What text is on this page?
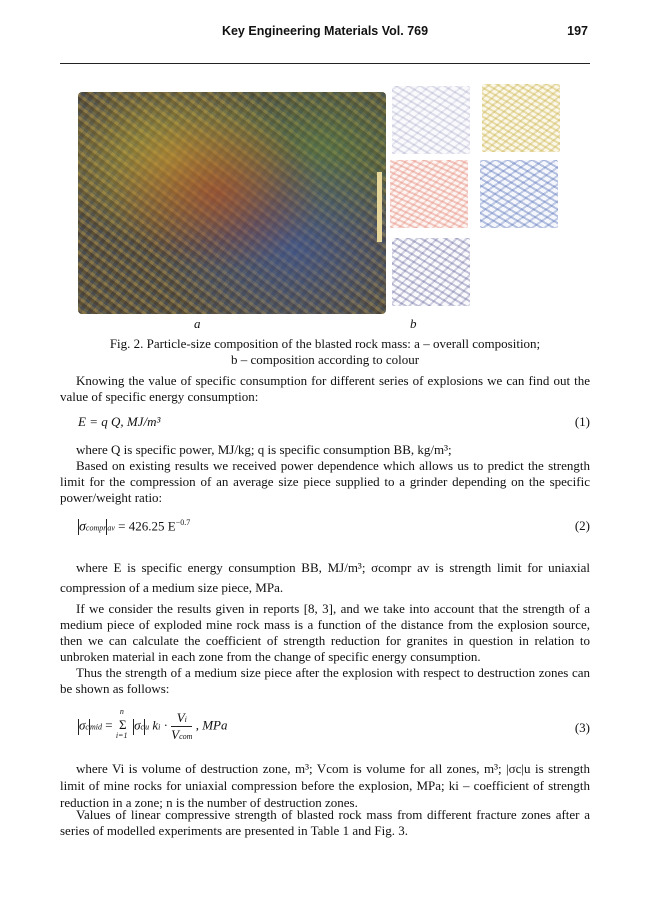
Key Engineering Materials Vol. 769	197
a	b
Fig. 2. Particle-size composition of the blasted rock mass: a – overall composition;
b – composition according to colour
Knowing the value of specific consumption for different series of explosions we can find out the value of specific energy consumption:
E = q Q, MJ/m³	(1)
where Q is specific power, MJ/kg; q is specific consumption BB, kg/m³;
Based on existing results we received power dependence which allows us to predict the strength limit for the compression of an average size piece supplied to a grinder depending on the specific power/weight ratio:
σcomprav = 426.25 $E^{-0.7}$	(2)
where E is specific energy consumption BB, MJ/m³; σcompr av is strength limit for uniaxial compression of a medium size piece, MPa.
If we consider the results given in reports [8, 3], and we take into account that the strength of a medium piece of exploded mine rock mass is a function of the distance from the explosion source, then we can calculate the coefficient of strength reduction for granites in question in relation to unbroken material in each zone from the change of specific energy consumption.
Thus the strength of a medium size piece after the explosion with respect to destruction zones can be shown as follows:
σcmid =
n
Σ
i=1
σcu ki · Vi
Vcom
, MPa	(3)
where Vi is volume of destruction zone, m³; Vcom is volume for all zones, m³; |σc|u is strength limit of mine rocks for uniaxial compression before the explosion, MPa; ki – coefficient of strength reduction in a zone; n is the number of destruction zones.
Values of linear compressive strength of blasted rock mass from different fracture zones after a series of modelled experiments are presented in Table 1 and Fig. 3.
